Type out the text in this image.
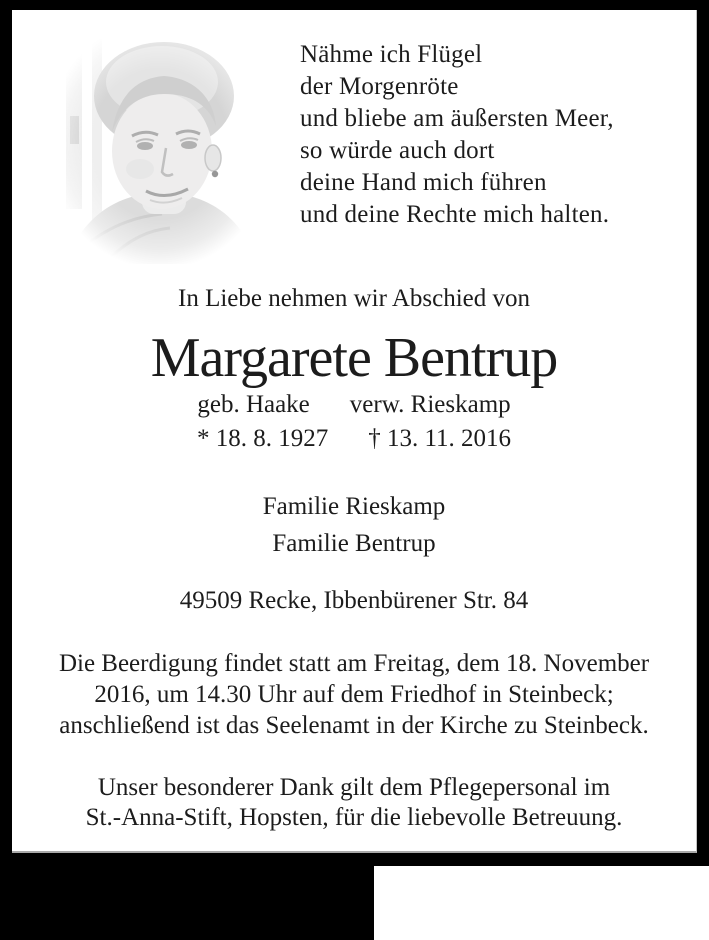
Nähme ich Flügel
der Morgenröte
und bliebe am äußersten Meer,
so würde auch dort
deine Hand mich führen
und deine Rechte mich halten.
In Liebe nehmen wir Abschied von
Margarete Bentrup
geb. Haake verw. Rieskamp
* 18. 8. 1927 † 13. 11. 2016
Familie Rieskamp
Familie Bentrup
49509 Recke, Ibbenbürener Str. 84
Die Beerdigung findet statt am Freitag, dem 18. November
2016, um 14.30 Uhr auf dem Friedhof in Steinbeck;
anschließend ist das Seelenamt in der Kirche zu Steinbeck.
Unser besonderer Dank gilt dem Pflegepersonal im
St.-Anna-Stift, Hopsten, für die liebevolle Betreuung.
